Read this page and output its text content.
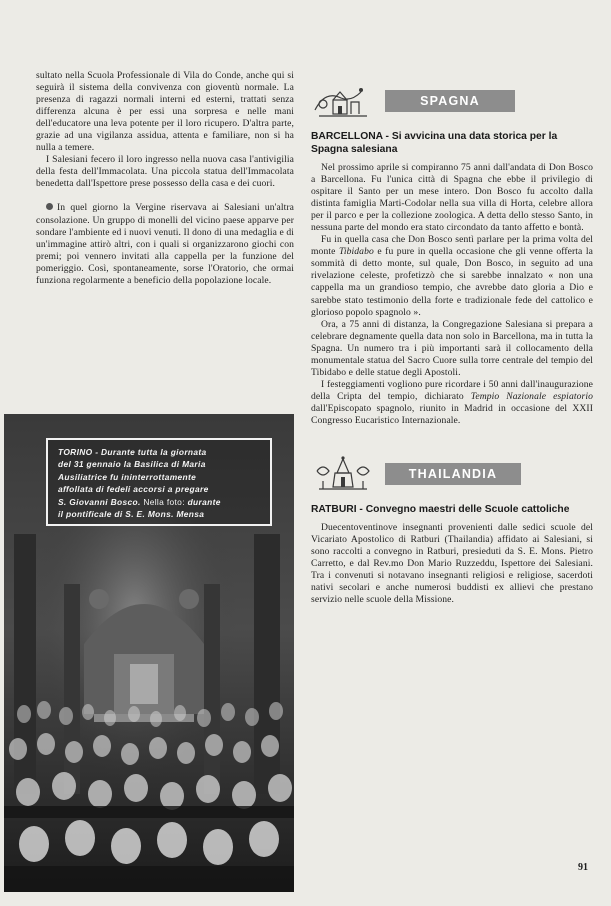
sultato nella Scuola Professionale di Vila do Conde, anche qui si seguirà il sistema della convivenza con gioventù normale. La presenza di ragazzi normali interni ed esterni, trattati senza differenza alcuna è per essi una sorpresa e nelle mani dell'educatore una leva potente per il loro ricupero. D'altra parte, grazie ad una vigilanza assidua, attenta e familiare, non si ha nulla a temere.

I Salesiani fecero il loro ingresso nella nuova casa l'antivigilia della festa dell'Immacolata. Una piccola statua dell'Immacolata benedetta dall'Ispettore prese possesso della casa e dei cuori.

In quel giorno la Vergine riservava ai Salesiani un'altra consolazione. Un gruppo di monelli del vicino paese apparve per sondare l'ambiente ed i nuovi venuti. Il dono di una medaglia e di un'immagine attirò altri, con i quali si organizzarono giochi con premi; poi vennero invitati alla cappella per la funzione del pomeriggio. Così, spontaneamente, sorse l'Oratorio, che ormai funziona regolarmente a beneficio della popolazione locale.

TORINO - Durante tutta la giornata

del 31 gennaio la Basilica di Maria

Ausiliatrice fu ininterrottamente

affollata di fedeli accorsi a pregare

S. Giovanni Bosco. Nella foto: durante

il pontificale di S. E. Mons. Mensa

SPAGNA
BARCELLONA - Si avvicina una data storica per la Spagna salesiana

Nel prossimo aprile si compiranno 75 anni dall'andata di Don Bosco a Barcellona. Fu l'unica città di Spagna che ebbe il privilegio di ospitare il Santo per un mese intero. Don Bosco fu accolto dalla distinta famiglia Marti-Codolar nella sua villa di Horta, celebre allora per il parco e per la collezione zoologica. A detta dello stesso Santo, in nessuna parte del mondo era stato circondato da tanto affetto e bontà.

Fu in quella casa che Don Bosco sentì parlare per la prima volta del monte Tibidabo e fu pure in quella occasione che gli venne offerta la sommità di detto monte, sul quale, Don Bosco, in seguito ad una rivelazione celeste, profetizzò che si sarebbe innalzato « non una cappella ma un grandioso tempio, che avrebbe dato gloria a Dio e sarebbe stato testimonio della forte e tradizionale fede del cattolico e glorioso popolo spagnolo ».

Ora, a 75 anni di distanza, la Congregazione Salesiana si prepara a celebrare degnamente quella data non solo in Barcellona, ma in tutta la Spagna. Un numero tra i più importanti sarà il collocamento della monumentale statua del Sacro Cuore sulla torre centrale del tempio del Tibidabo e delle statue degli Apostoli.

I festeggiamenti vogliono pure ricordare i 50 anni dall'inaugurazione della Cripta del tempio, dichiarato Tempio Nazionale espiatorio dall'Episcopato spagnolo, riunito in Madrid in occasione del XXII Congresso Eucaristico Internazionale.

THAILANDIA
RATBURI - Convegno maestri delle Scuole cattoliche

Duecentoventinove insegnanti provenienti dalle sedici scuole del Vicariato Apostolico di Ratburi (Thailandia) affidato ai Salesiani, si sono raccolti a convegno in Ratburi, presieduti da S. E. Mons. Pietro Carretto, e dal Rev.mo Don Mario Ruzzeddu, Ispettore dei Salesiani. Tra i convenuti si notavano insegnanti religiosi e religiose, sacerdoti nativi secolari e anche numerosi buddisti ex allievi che prestano servizio nelle scuole della Missione.

91
